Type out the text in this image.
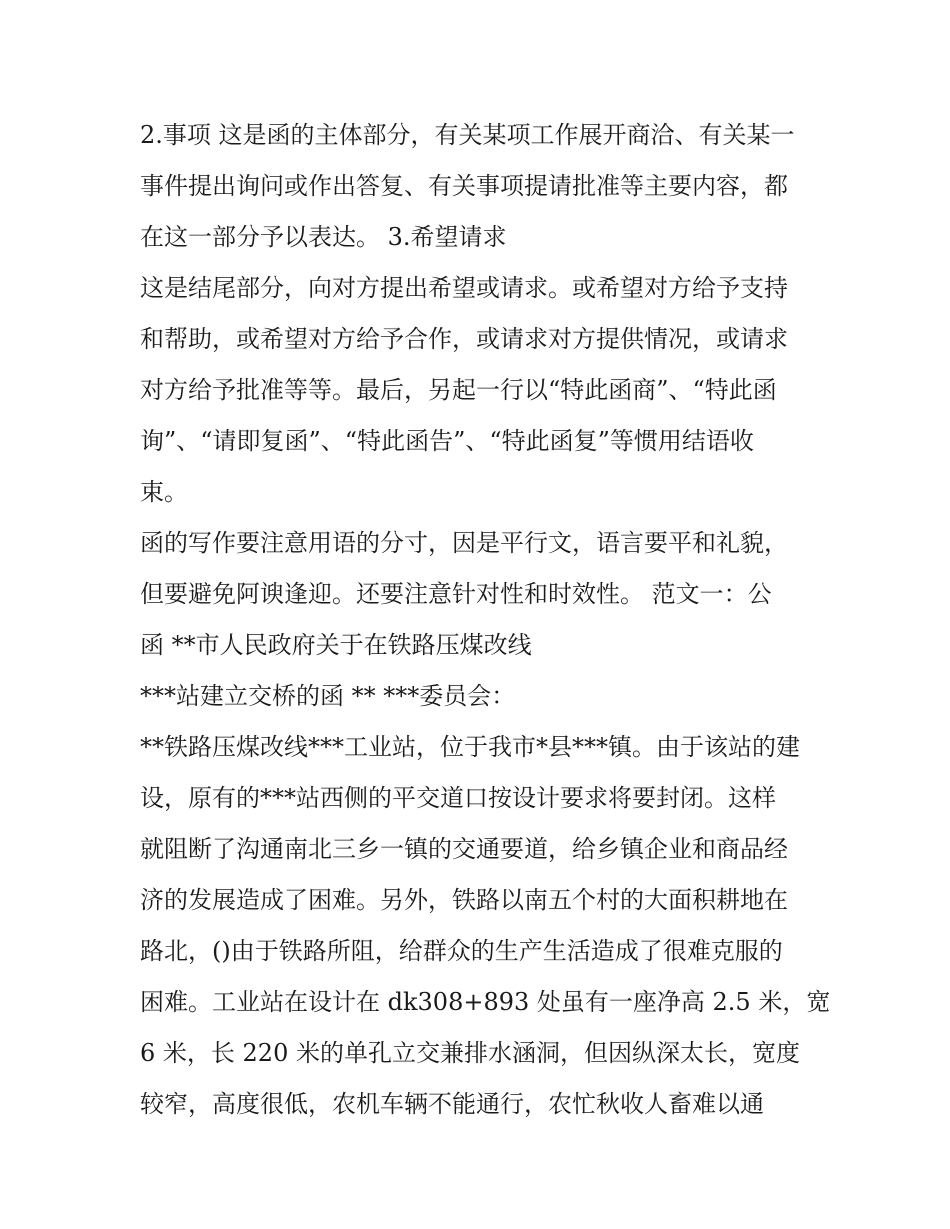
2.事项 这是函的主体部分，有关某项工作展开商洽、有关某一
事件提出询问或作出答复、有关事项提请批准等主要内容，都
在这一部分予以表达。 3.希望请求
这是结尾部分，向对方提出希望或请求。或希望对方给予支持
和帮助，或希望对方给予合作，或请求对方提供情况，或请求
对方给予批准等等。最后，另起一行以“特此函商”、“特此函
询”、“请即复函”、“特此函告”、“特此函复”等惯用结语收
束。
函的写作要注意用语的分寸，因是平行文，语言要平和礼貌，
但要避免阿谀逢迎。还要注意针对性和时效性。 范文一：公
函 **市人民政府关于在铁路压煤改线
***站建立交桥的函 ** ***委员会：
**铁路压煤改线***工业站，位于我市*县***镇。由于该站的建
设，原有的***站西侧的平交道口按设计要求将要封闭。这样
就阻断了沟通南北三乡一镇的交通要道，给乡镇企业和商品经
济的发展造成了困难。另外，铁路以南五个村的大面积耕地在
路北，()由于铁路所阻，给群众的生产生活造成了很难克服的
困难。工业站在设计在 dk308+893 处虽有一座净高 2.5 米，宽
6 米，长 220 米的单孔立交兼排水涵洞，但因纵深太长，宽度
较窄，高度很低，农机车辆不能通行，农忙秋收人畜难以通
